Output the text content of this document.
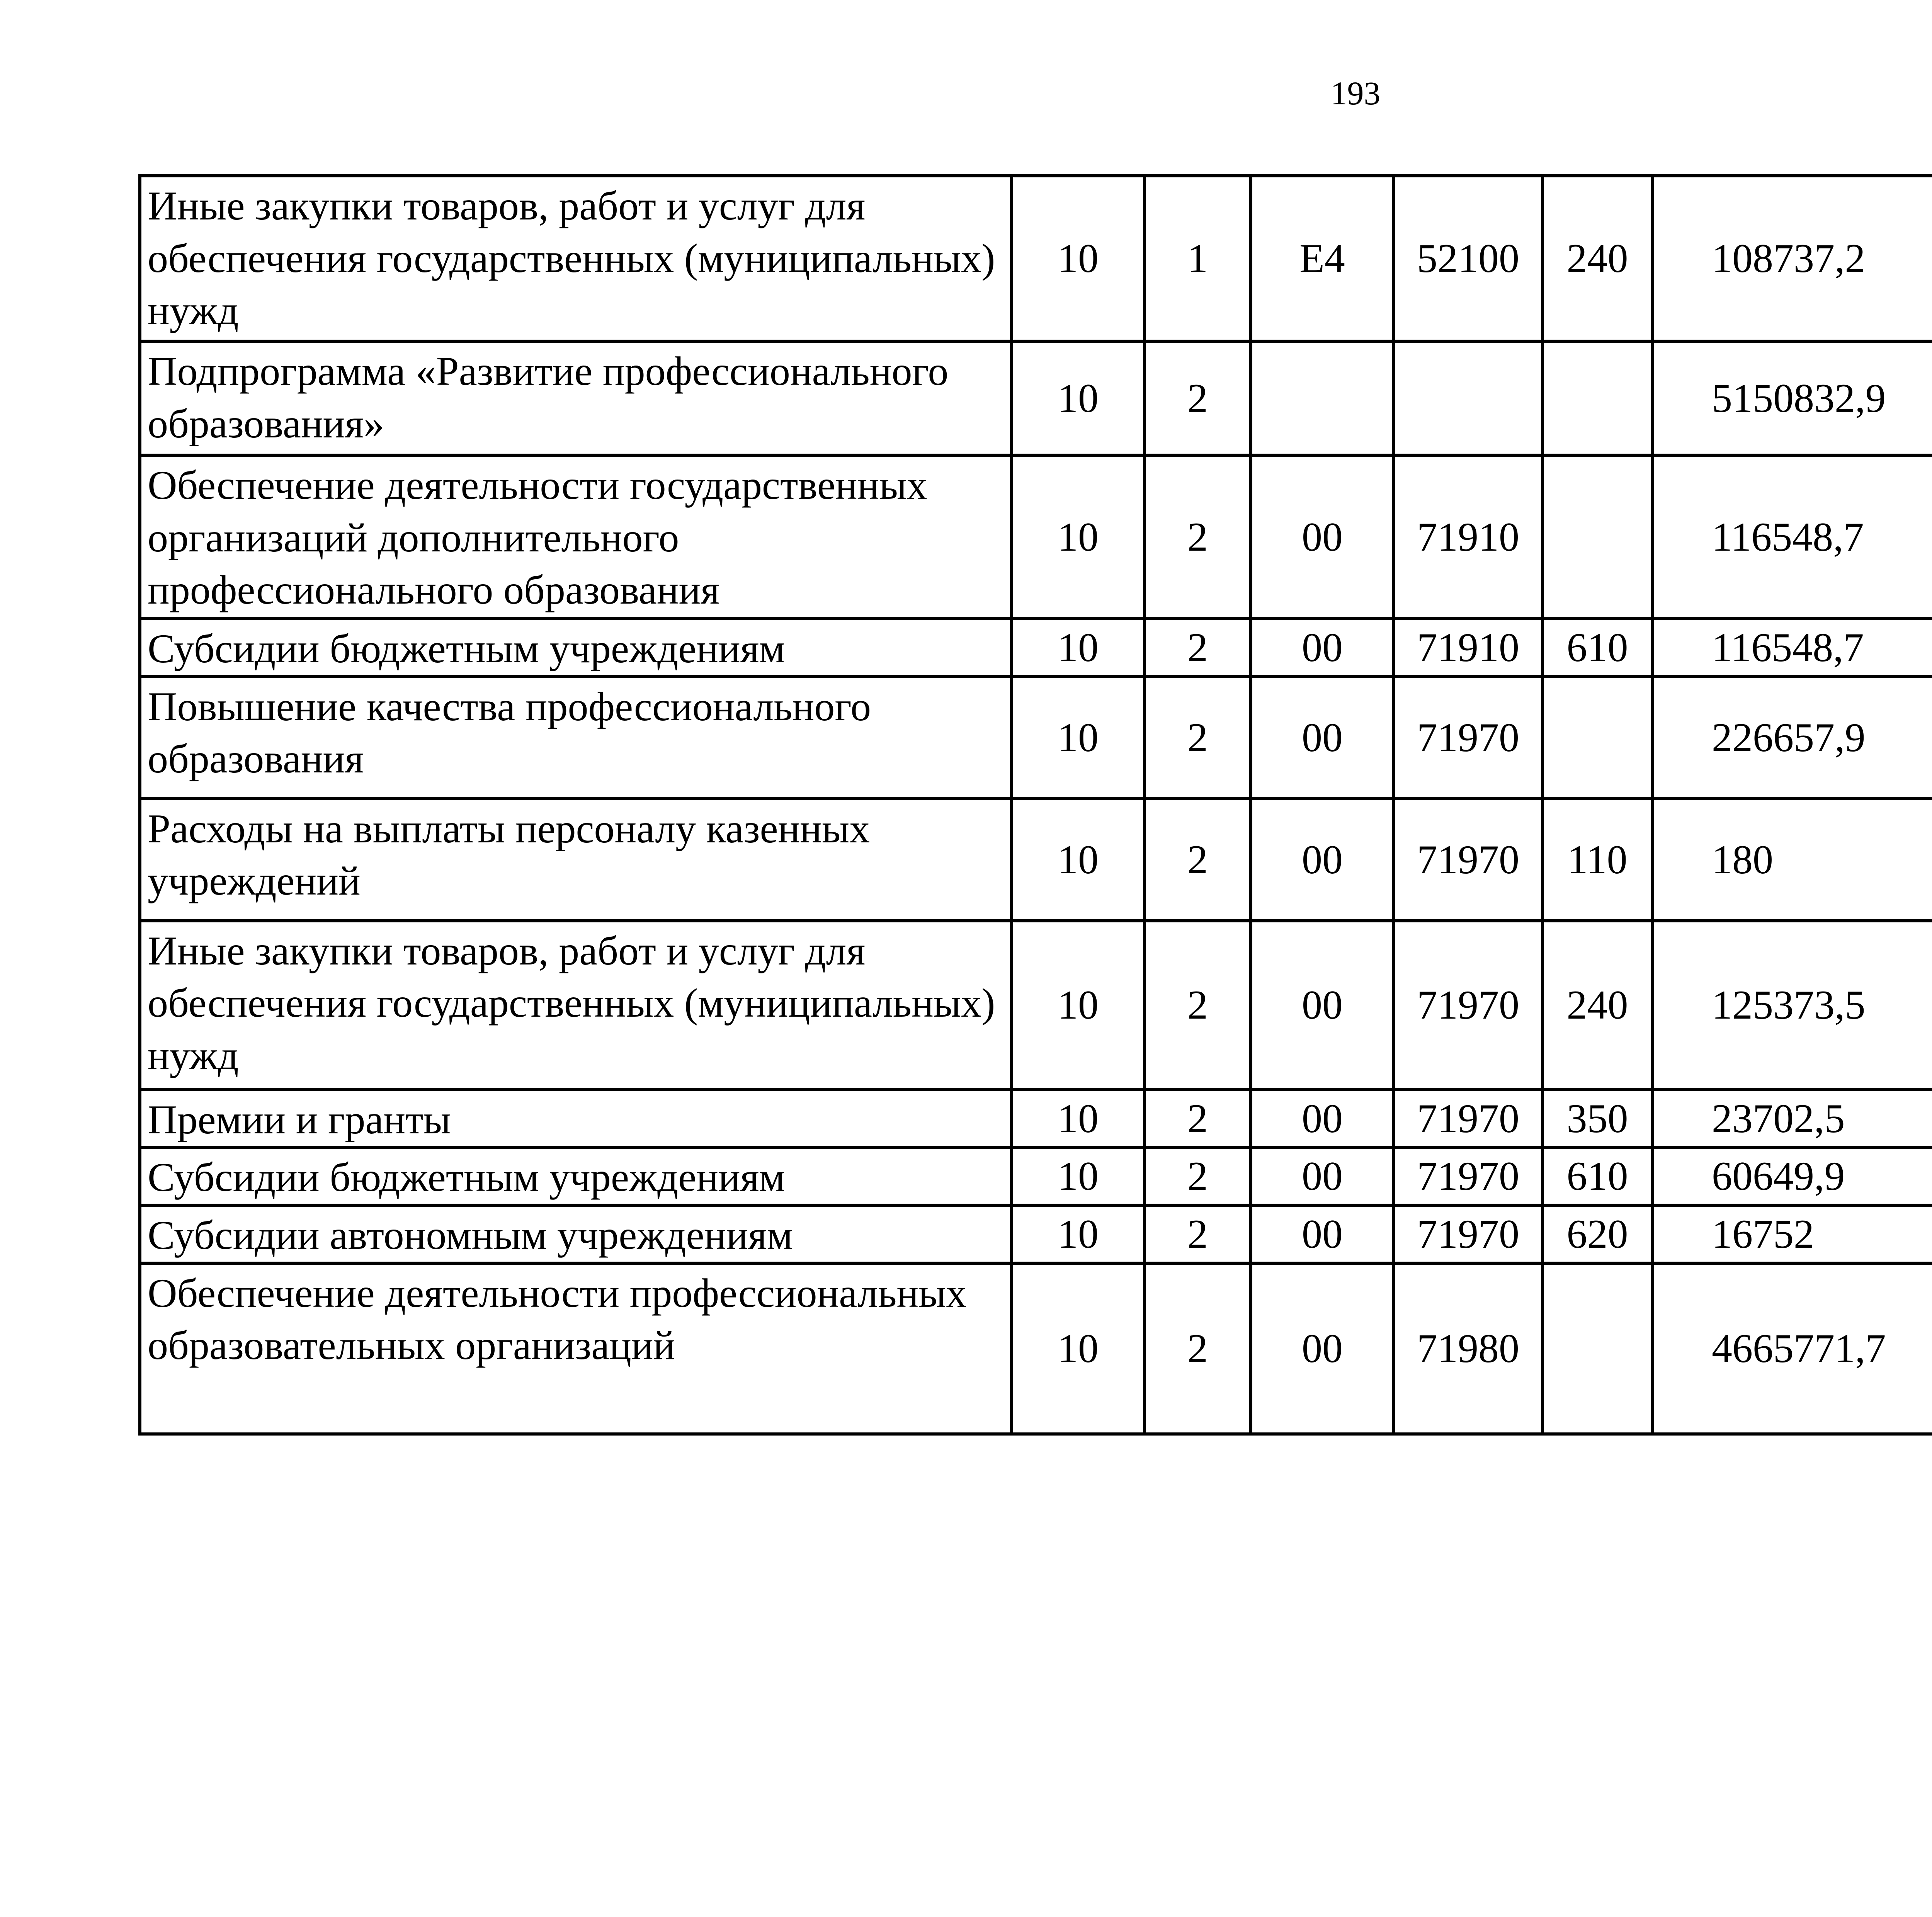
193
Иные закупки товаров, работ и услуг для обеспечения государственных (муниципальных) нужд	10	1	Е4	52100	240	108737,2		
Подпрограмма «Развитие профессионального образования»	10	2				5150832,9		
Обеспечение деятельности государственных организаций дополнительного профессионального образования	10	2	00	71910		116548,7		
Субсидии бюджетным учреждениям	10	2	00	71910	610	116548,7		
Повышение качества профессионального образования	10	2	00	71970		226657,9		
Расходы на выплаты персоналу казенных учреждений	10	2	00	71970	110	180		
Иные закупки товаров, работ и услуг для обеспечения государственных (муниципальных) нужд	10	2	00	71970	240	125373,5		
Премии и гранты	10	2	00	71970	350	23702,5		
Субсидии бюджетным учреждениям	10	2	00	71970	610	60649,9		
Субсидии автономным учреждениям	10	2	00	71970	620	16752		
Обеспечение деятельности профессиональных образовательных организаций	10	2	00	71980		4665771,7		
